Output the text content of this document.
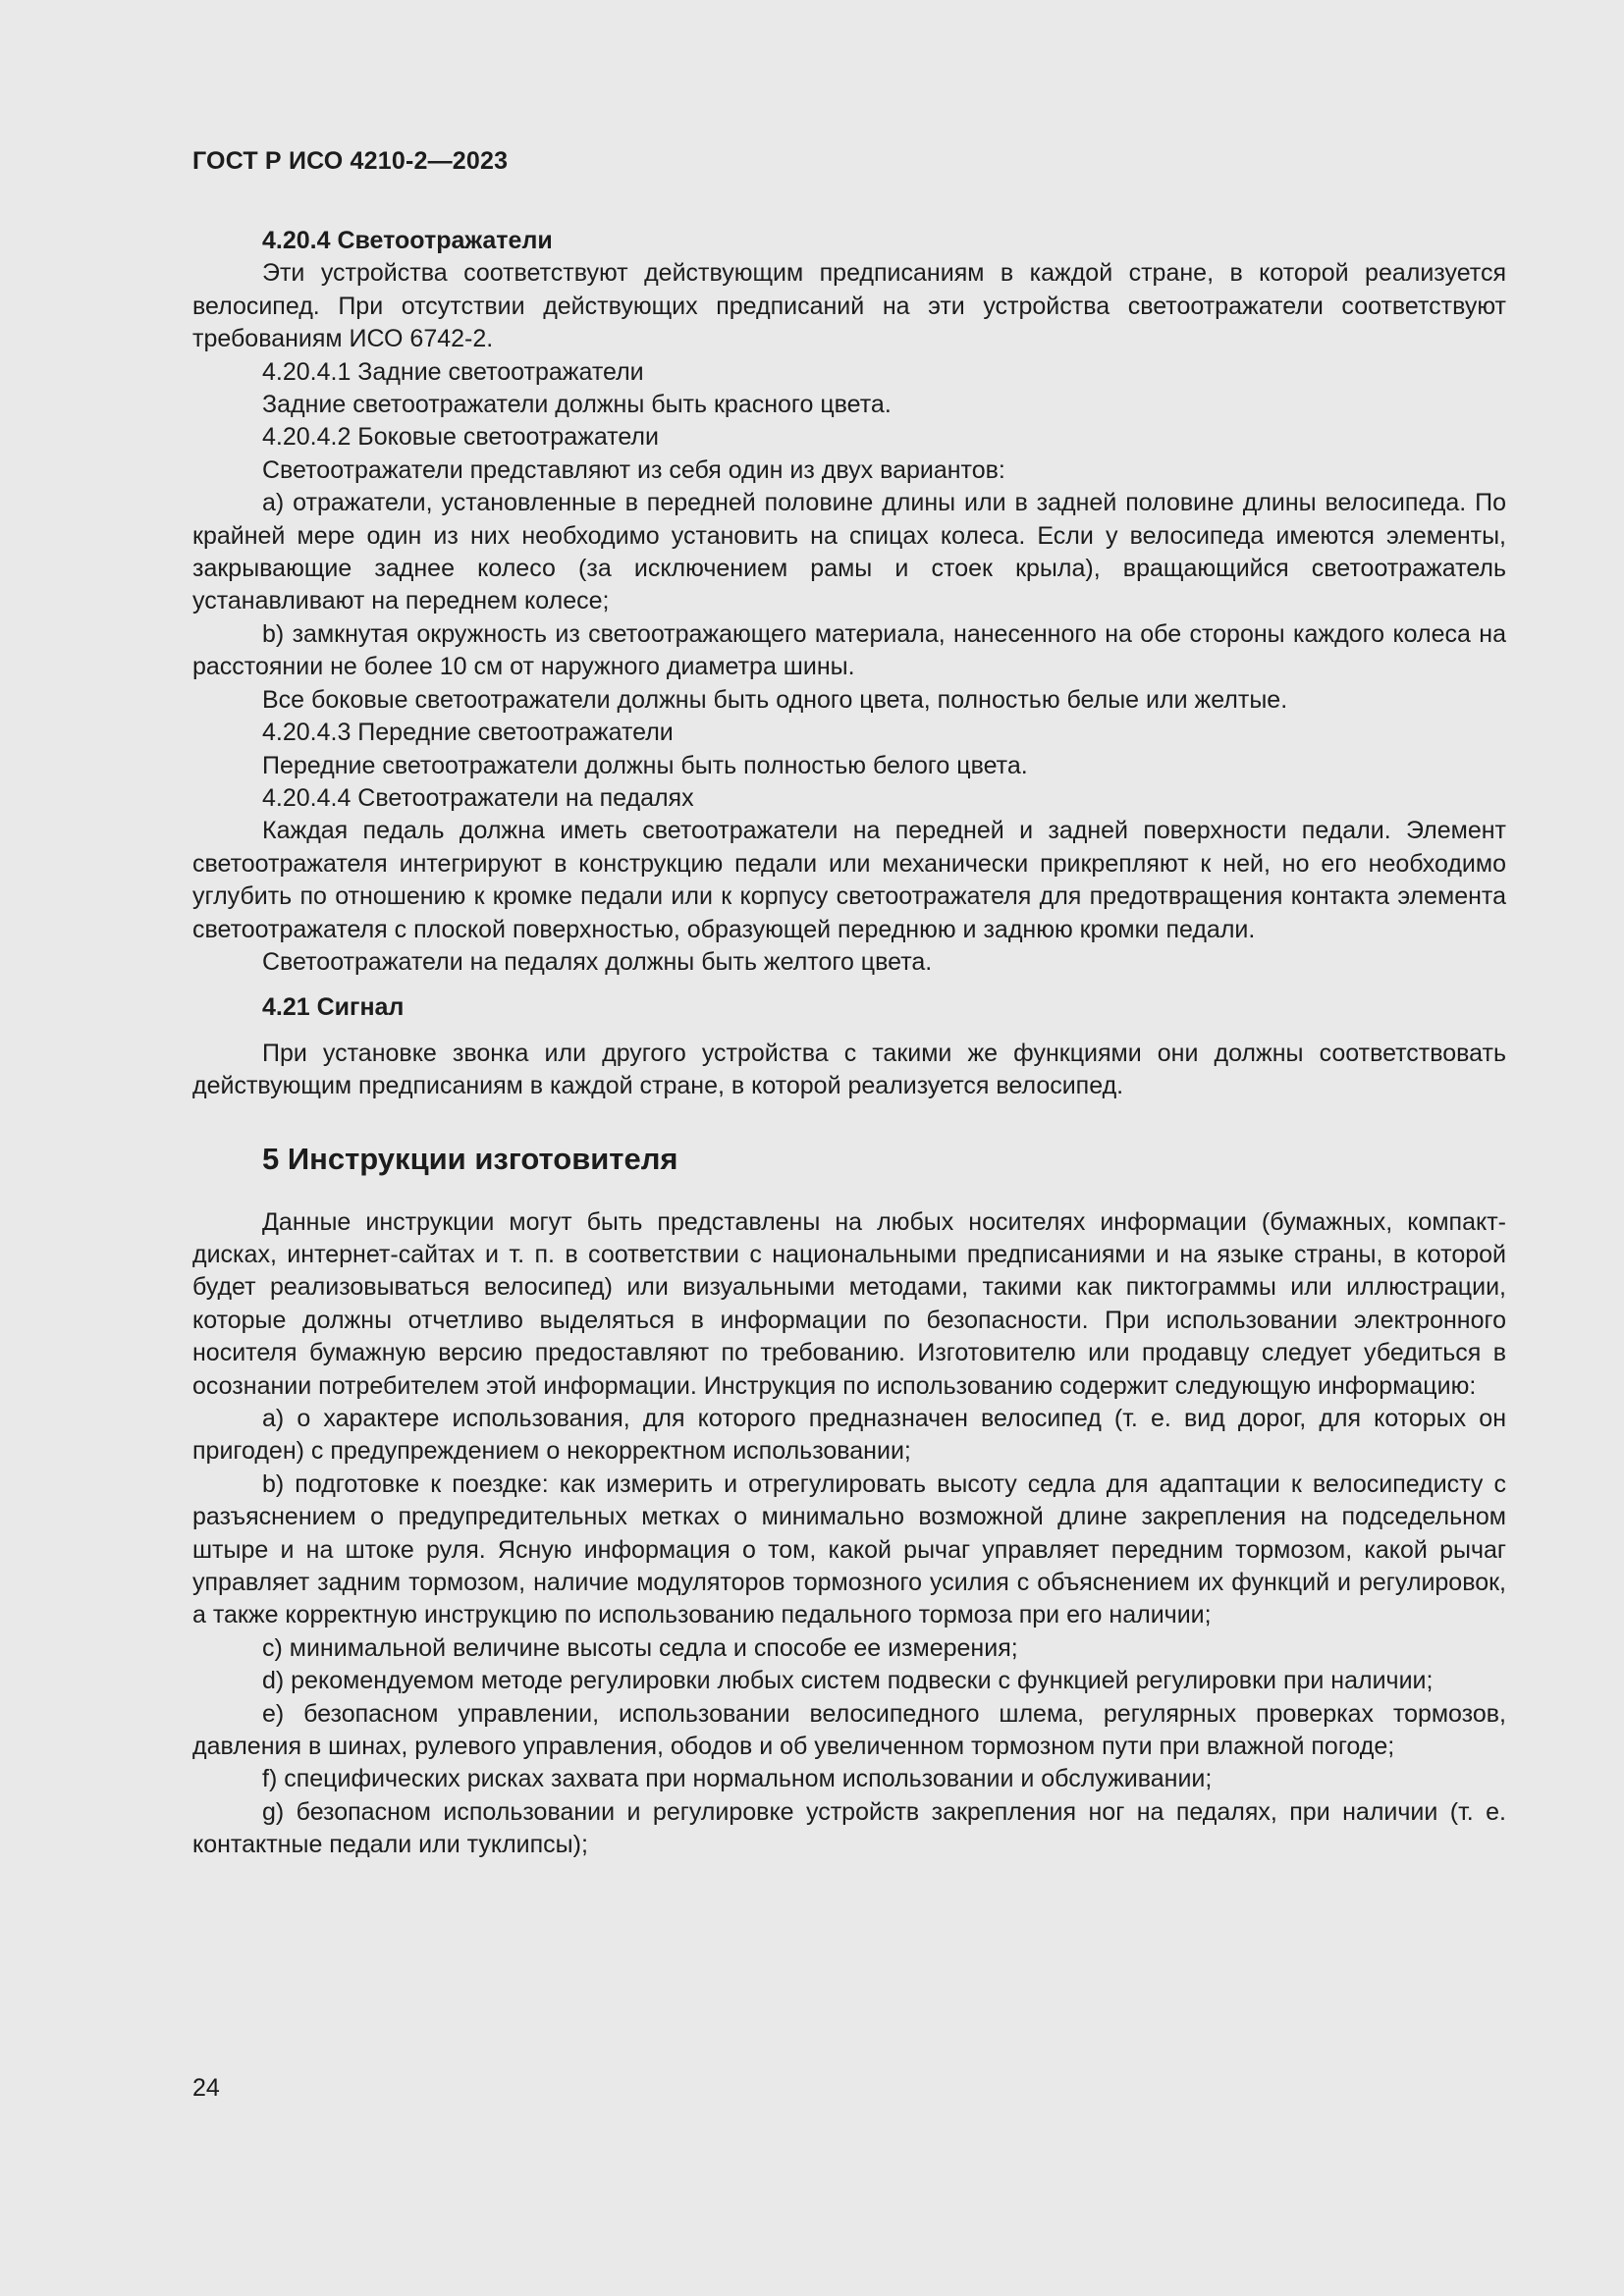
ГОСТ Р ИСО 4210-2—2023

4.20.4 Светоотражатели

Эти устройства соответствуют действующим предписаниям в каждой стране, в которой реализуется велосипед. При отсутствии действующих предписаний на эти устройства светоотражатели соответствуют требованиям ИСО 6742-2.

4.20.4.1 Задние светоотражатели

Задние светоотражатели должны быть красного цвета.

4.20.4.2 Боковые светоотражатели

Светоотражатели представляют из себя один из двух вариантов:

a) отражатели, установленные в передней половине длины или в задней половине длины велосипеда. По крайней мере один из них необходимо установить на спицах колеса. Если у велосипеда имеются элементы, закрывающие заднее колесо (за исключением рамы и стоек крыла), вращающийся светоотражатель устанавливают на переднем колесе;

b) замкнутая окружность из светоотражающего материала, нанесенного на обе стороны каждого колеса на расстоянии не более 10 см от наружного диаметра шины.

Все боковые светоотражатели должны быть одного цвета, полностью белые или желтые.

4.20.4.3 Передние светоотражатели

Передние светоотражатели должны быть полностью белого цвета.

4.20.4.4 Светоотражатели на педалях

Каждая педаль должна иметь светоотражатели на передней и задней поверхности педали. Элемент светоотражателя интегрируют в конструкцию педали или механически прикрепляют к ней, но его необходимо углубить по отношению к кромке педали или к корпусу светоотражателя для предотвращения контакта элемента светоотражателя с плоской поверхностью, образующей переднюю и заднюю кромки педали.

Светоотражатели на педалях должны быть желтого цвета.

4.21 Сигнал

При установке звонка или другого устройства с такими же функциями они должны соответствовать действующим предписаниям в каждой стране, в которой реализуется велосипед.

5 Инструкции изготовителя

Данные инструкции могут быть представлены на любых носителях информации (бумажных, компакт-дисках, интернет-сайтах и т. п. в соответствии с национальными предписаниями и на языке страны, в которой будет реализовываться велосипед) или визуальными методами, такими как пиктограммы или иллюстрации, которые должны отчетливо выделяться в информации по безопасности. При использовании электронного носителя бумажную версию предоставляют по требованию. Изготовителю или продавцу следует убедиться в осознании потребителем этой информации. Инструкция по использованию содержит следующую информацию:

a) о характере использования, для которого предназначен велосипед (т. е. вид дорог, для которых он пригоден) с предупреждением о некорректном использовании;

b) подготовке к поездке: как измерить и отрегулировать высоту седла для адаптации к велосипедисту с разъяснением о предупредительных метках о минимально возможной длине закрепления на подседельном штыре и на штоке руля. Ясную информация о том, какой рычаг управляет передним тормозом, какой рычаг управляет задним тормозом, наличие модуляторов тормозного усилия с объяснением их функций и регулировок, а также корректную инструкцию по использованию педального тормоза при его наличии;

c) минимальной величине высоты седла и способе ее измерения;

d) рекомендуемом методе регулировки любых систем подвески с функцией регулировки при наличии;

e) безопасном управлении, использовании велосипедного шлема, регулярных проверках тормозов, давления в шинах, рулевого управления, ободов и об увеличенном тормозном пути при влажной погоде;

f) специфических рисках захвата при нормальном использовании и обслуживании;

g) безопасном использовании и регулировке устройств закрепления ног на педалях, при наличии (т. е. контактные педали или туклипсы);

24
